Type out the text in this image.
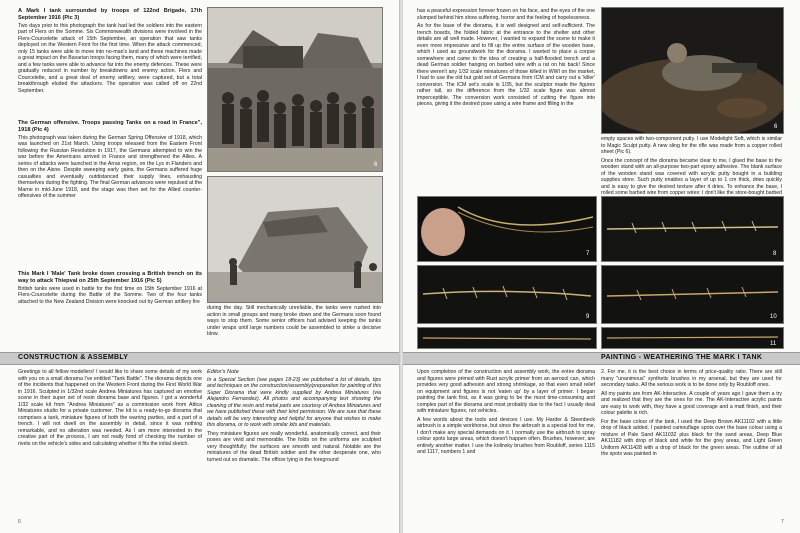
A Mark I tank surrounded by troops of 122nd Brigade, 17th September 1916 (Pic 3)

Two days prior to this photograph the tank had led the soldiers into the eastern part of Flers on the Somme. Six Commonwealth divisions were involved in the Flers-Courcelette attack of 15th September, an operation that saw tanks deployed on the Western Front for the first time. When the attack commenced, only 15 tanks were able to move into no-man's land and these machines made a great impact on the Bavarian troops facing them, many of which were terrified, and a few tanks were able to advance far into the enemy defences. These were gradually reduced in number by breakdowns and enemy action. Flers and Courcelette, and a great deal of enemy artillery, were captured, but a total breakthrough eluded the attackers. The operation was called off on 22nd September.

The German offensive. Troops passing Tanks on a road in France", 1918 (Pic 4)

This photograph was taken during the German Spring Offensive of 1918, which was launched on 21st March. Using troops released from the Eastern Front following the Russian Revolution in 1917, the Germans attempted to win the war before the Americans arrived in France and strengthened the Allies. A series of attacks were launched in the Arras region, on the Lys in Flanders and then on the Aisne. Despite sweeping early gains, the Germans suffered huge casualties and eventually outdistanced their supply lines, exhausting themselves during the fighting. The final German advances were repulsed at the Marne in mid-June 1918, and the stage was then set for the Allied counter-offensives of the summer

This Mark I 'Male' Tank broke down crossing a British trench on its way to attack Thiepval on 25th September 1916 (Pic 5)

British tanks were used in battle for the first time on 15th September 1916 at Flers-Courcelette during the Battle of the Somme. Two of the four tanks attached to the New Zealand Division were knocked out by German artillery fire

6

during the day. Still mechanically unreliable, the tanks were rushed into action in small groups and many broke down and the Germans soon found ways to stop them. Some senior officers had advised keeping the tanks under wraps until large numbers could be assembled to strike a decisive blow.

CONSTRUCTION & ASSEMBLY

Greetings to all fellow modellers! I would like to share some details of my work with you on a small diorama I've entitled "Tank Battle". The diorama depicts one of the incidents that happened on the Western Front during the First World War in 1916. Sculpted in 1/32nd scale Andrea Miniatures has captured an emotive scene in their super set of resin diorama base and figures. I got a wonderful 1/32 scale kit from "Andrea Miniatures" as a commission work from Attica Miniatures studio for a private customer. The kit is a ready-to-go diorama that comprises a tank, miniature figures of both the warring parties, and a part of a trench. I will not dwell on the assembly in detail, since it was nothing remarkable, and no alteration was needed. As I am more interested in the creative part of the process, I am not really fond of checking the number of rivets on the vehicle's sides and calculating whether it fits the initial sketch.

Editor's Note

In a Special Section (see pages 18-23) we published a lot of details, tips and techniques on the construction/assembly/preparation for painting of this Super Diorama that were kindly supplied by Andrea Miniatures (via Alejandro Fernandez). All photos and accompanying text showing the cleaning of the resin and metal parts are courtesy of Andrea Miniatures and we have published these with their kind permission. We are sure that these details will be very interesting and helpful for anyone that wishes to make this diorama, or to work with similar kits and materials.

They miniature figures are really wonderful, anatomically correct, and their poses are vivid and memorable. The folds on the uniforms are sculpted very thoughtfully; the surfaces are smooth and natural. Notable are the miniatures of the dead British soldier and the other desperate one, who turned out so dramatic. The officer lying in the foreground

6

has a peaceful expression forever frozen on his face, and the eyes of the one slumped behind him show suffering, horror and the feeling of hopelessness.

As for the base of the diorama, it is well designed and self-sufficient. The trench boards, the folded fabric at the entrance to the shelter and other details are all well made. However, I wanted to expand the scene to make it even more impressive and to fill up the entire surface of the wooden base, which I used as groundwork for the diorama. I wanted to place a corpse somewhere and came to the idea of creating a half-flooded trench and a dead German soldier hanging on barbed wire with a rat on his back! Since there weren't any 1/32 scale miniatures of those killed in WWI on the market, I had to use the old but gold set of Germans from ICM and carry out a 'killer' conversion. The ICM set's scale is 1/35, but the sculptor made the figures rather tall, so the difference from the 1/32 scale figure was almost imperceptible. The conversion work consisted of cutting the figure into pieces, giving it the desired pose using a wire frame and filling in the

6

empty spaces with two-component putty. I use Modelight Soft, which is similar to Magic Sculpt putty. A new sling for the rifle was made from a copper rolled sheet (Pic 6).

Once the concept of the diorama became clear to me, I glued the base to the wooden stand with an all-purpose two-part epoxy adhesive. The blank surface of the wooden stand was covered with acrylic putty bought in a building supplies store. Such putty enables a layer of up to 1 cm thick, dries quickly and is easy to give the desired texture after it dries. To enhance the base, I rolled some barbed wire from copper wires: I don't like the store-bought barbed

7	8
9	10
11
PAINTING - WEATHERING THE MARK I TANK

Upon completion of the construction and assembly work, the entire diorama and figures were primed with Rust acrylic primer from an aerosol can, which provides very good adhesion and strong shrinkage, so that even small relief on equipment and figures is not 'eaten up' by a layer of primer. I began painting the tank first, as it was going to be the most time-consuming and complex part of the diorama and most probably due to the fact I usually deal with miniature figures, not vehicles.

A few words about the tools and devices I use. My Harder & Steenbeck airbrush is a simple workhorse, but since the airbrush is a special tool for me, I don't make any special demands on it. I normally use the airbrush to spray colour spots large areas, which doesn't happen often. Brushes, however, are entirely another matter. I use the kolinsky brushes from Roubloff, series 1115 and 1117, numbers 1 and

2. For me, it is the best choice in terms of price-quality ratio. There are still many "unanimous" synthetic brushes in my arsenal, but they are used for secondary tasks. All the serious work is to be done only by Roubloff ones.

All my paints are from AK-Interactive. A couple of years ago I gave them a try and realized that they are the ones for me. The AK-Interactive acrylic paints are easy to work with, they have a good coverage and a matt finish, and their colour palette is rich.

For the base colour of the tank, I used the Deep Brown AK11102 with a little drop of black added. I painted camouflage spots over the base colour using a mixture of Pale Sand AK11032 plus black for the sand areas, Deep Blue AK11182 with drop of black and white for the grey areas, and Light Green Uniform AK11428 with a drop of black for the green areas. The outline of all the spots was painted in

7
